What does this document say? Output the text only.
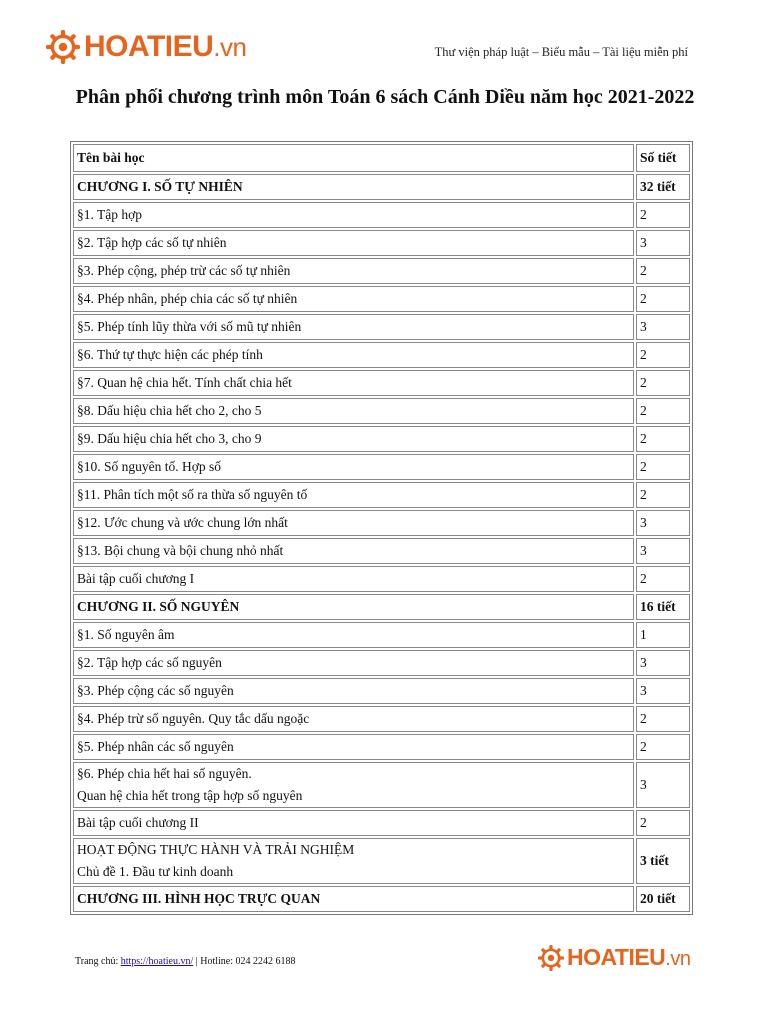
HOATIEU.vn	Thư viện pháp luật – Biểu mẫu – Tài liệu miễn phí
Phân phối chương trình môn Toán 6 sách Cánh Diều năm học 2021-2022
Tên bài học	Số tiết
CHƯƠNG I. SỐ TỰ NHIÊN	32 tiết
§1. Tập hợp	2
§2. Tập hợp các số tự nhiên	3
§3. Phép cộng, phép trừ các số tự nhiên	2
§4. Phép nhân, phép chia các số tự nhiên	2
§5. Phép tính lũy thừa với số mũ tự nhiên	3
§6. Thứ tự thực hiện các phép tính	2
§7. Quan hệ chia hết. Tính chất chia hết	2
§8. Dấu hiệu chia hết cho 2, cho 5	2
§9. Dấu hiệu chia hết cho 3, cho 9	2
§10. Số nguyên tố. Hợp số	2
§11. Phân tích một số ra thừa số nguyên tố	2
§12. Ước chung và ước chung lớn nhất	3
§13. Bội chung và bội chung nhỏ nhất	3
Bài tập cuối chương I	2
CHƯƠNG II. SỐ NGUYÊN	16 tiết
§1. Số nguyên âm	1
§2. Tập hợp các số nguyên	3
§3. Phép cộng các số nguyên	3
§4. Phép trừ số nguyên. Quy tắc dấu ngoặc	2
§5. Phép nhân các số nguyên	2

§6. Phép chia hết hai số nguyên.
Quan hệ chia hết trong tập hợp số nguyên	3
Bài tập cuối chương II	2

HOẠT ĐỘNG THỰC HÀNH VÀ TRẢI NGHIỆM
Chủ đề 1. Đầu tư kinh doanh	3 tiết
CHƯƠNG III. HÌNH HỌC TRỰC QUAN	20 tiết
Trang chủ: https://hoatieu.vn/ | Hotline: 024 2242 6188	HOATIEU.vn
